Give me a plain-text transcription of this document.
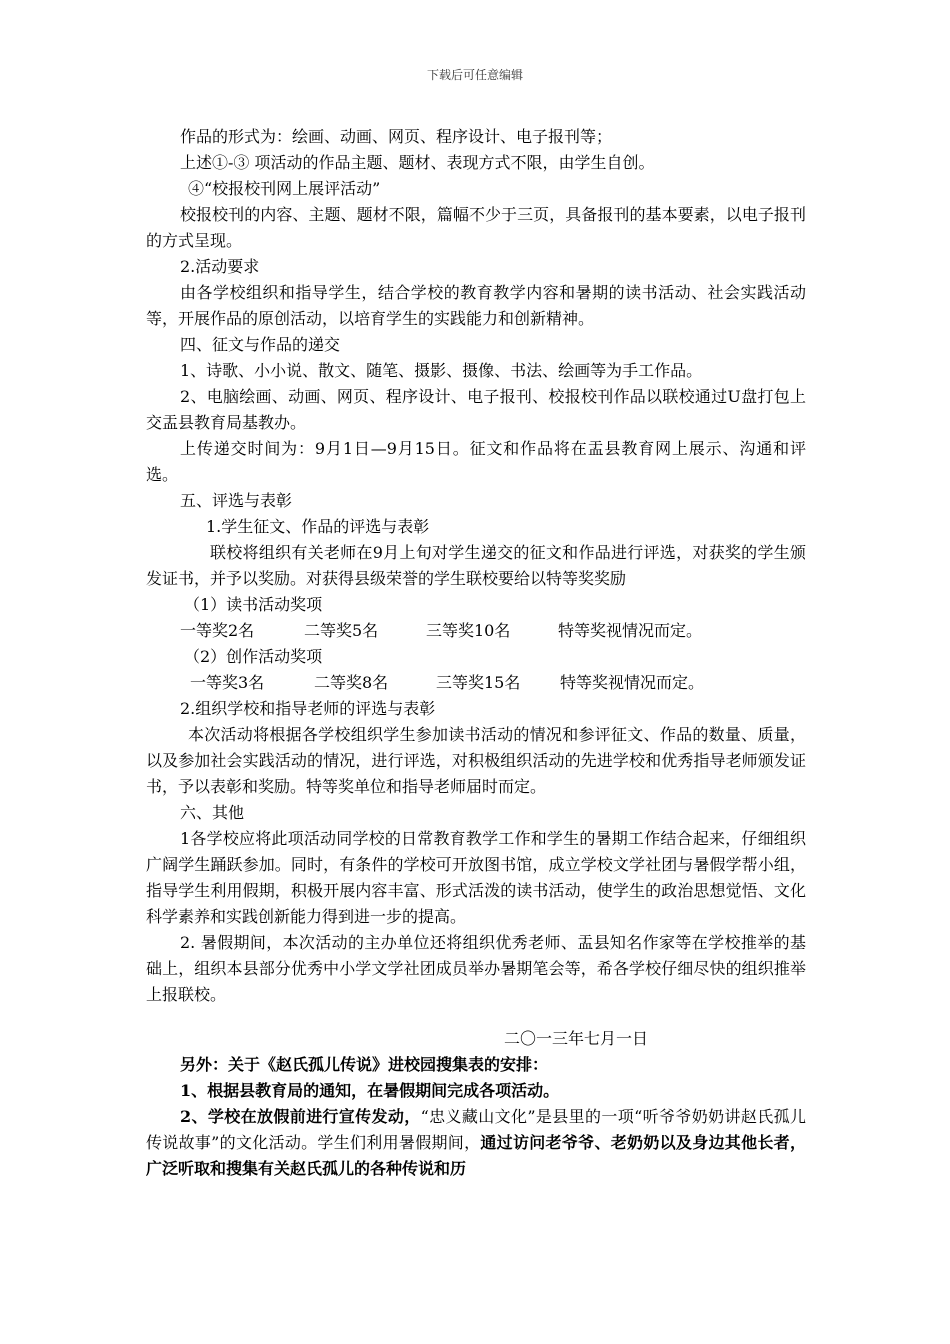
下载后可任意编辑

作品的形式为：绘画、动画、网页、程序设计、电子报刊等；

上述①-③ 项活动的作品主题、题材、表现方式不限，由学生自创。

④“校报校刊网上展评活动”

校报校刊的内容、主题、题材不限，篇幅不少于三页，具备报刊的基本要素，以电子报刊的方式呈现。

2.活动要求

由各学校组织和指导学生，结合学校的教育教学内容和暑期的读书活动、社会实践活动等，开展作品的原创活动，以培育学生的实践能力和创新精神。

四、征文与作品的递交

1、诗歌、小小说、散文、随笔、摄影、摄像、书法、绘画等为手工作品。

2、电脑绘画、动画、网页、程序设计、电子报刊、校报校刊作品以联校通过U盘打包上交盂县教育局基教办。

上传递交时间为：9月1日—9月15日。征文和作品将在盂县教育网上展示、沟通和评选。

五、评选与表彰

1.学生征文、作品的评选与表彰

联校将组织有关老师在9月上旬对学生递交的征文和作品进行评选，对获奖的学生颁发证书，并予以奖励。对获得县级荣誉的学生联校要给以特等奖奖励

（1）读书活动奖项

一等奖2名	二等奖5名	三等奖10名	特等奖视情况而定。

（2）创作活动奖项

一等奖3名	二等奖8名	三等奖15名 特等奖视情况而定。

2.组织学校和指导老师的评选与表彰

本次活动将根据各学校组织学生参加读书活动的情况和参评征文、作品的数量、质量，以及参加社会实践活动的情况，进行评选，对积极组织活动的先进学校和优秀指导老师颁发证书，予以表彰和奖励。特等奖单位和指导老师届时而定。

六、其他

1各学校应将此项活动同学校的日常教育教学工作和学生的暑期工作结合起来，仔细组织广阔学生踊跃参加。同时，有条件的学校可开放图书馆，成立学校文学社团与暑假学帮小组，指导学生利用假期，积极开展内容丰富、形式活泼的读书活动，使学生的政治思想觉悟、文化科学素养和实践创新能力得到进一步的提高。

2. 暑假期间，本次活动的主办单位还将组织优秀老师、盂县知名作家等在学校推举的基础上，组织本县部分优秀中小学文学社团成员举办暑期笔会等，希各学校仔细尽快的组织推举上报联校。

二〇一三年七月一日

另外：关于《赵氏孤儿传说》进校园搜集表的安排：

1、根据县教育局的通知，在暑假期间完成各项活动。

2、学校在放假前进行宣传发动，“忠义藏山文化”是县里的一项“听爷爷奶奶讲赵氏孤儿传说故事”的文化活动。学生们利用暑假期间，通过访问老爷爷、老奶奶以及身边其他长者，广泛听取和搜集有关赵氏孤儿的各种传说和历
